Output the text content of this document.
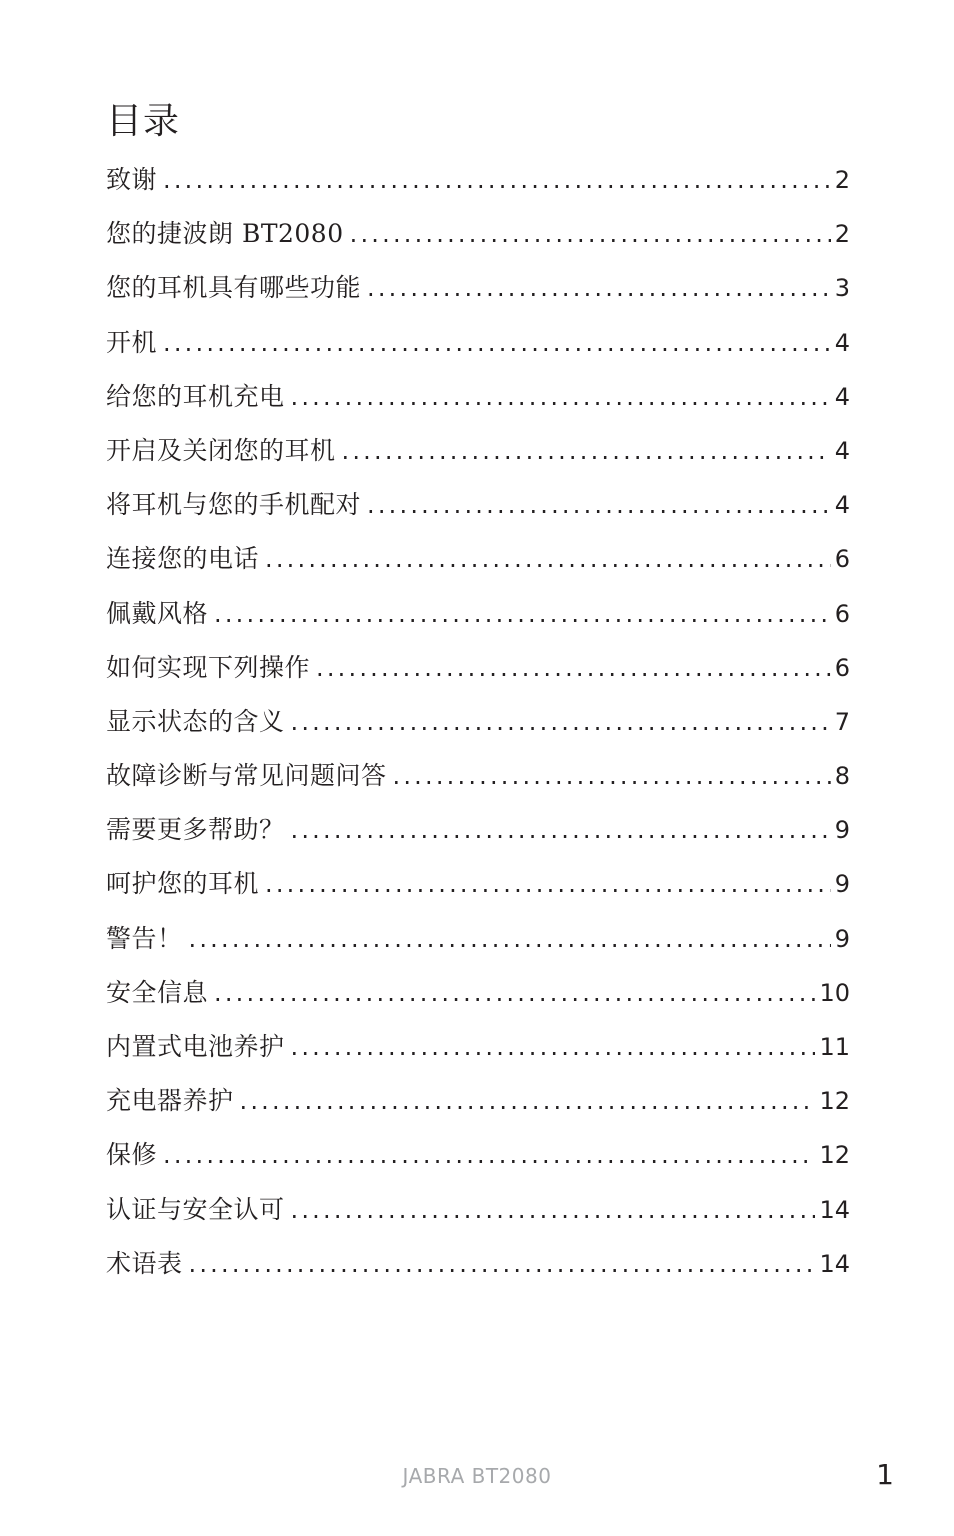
目录
致谢 .....	2
您的捷波朗 BT2080 .....	2
您的耳机具有哪些功能 .....	3
开机 .....	4
给您的耳机充电 .....	4
开启及关闭您的耳机 .....	4
将耳机与您的手机配对 .....	4
连接您的电话 .....	6
佩戴风格 .....	6
如何实现下列操作 .....	6
显示状态的含义 .....	7
故障诊断与常见问题问答 .....	8
需要更多帮助？ .....	9
呵护您的耳机 .....	9
警告！ .....	9
安全信息 .....	10
内置式电池养护 .....	11
充电器养护 .....	12
保修 .....	12
认证与安全认可 .....	14
术语表 .....	14
JABRA BT2080	1
